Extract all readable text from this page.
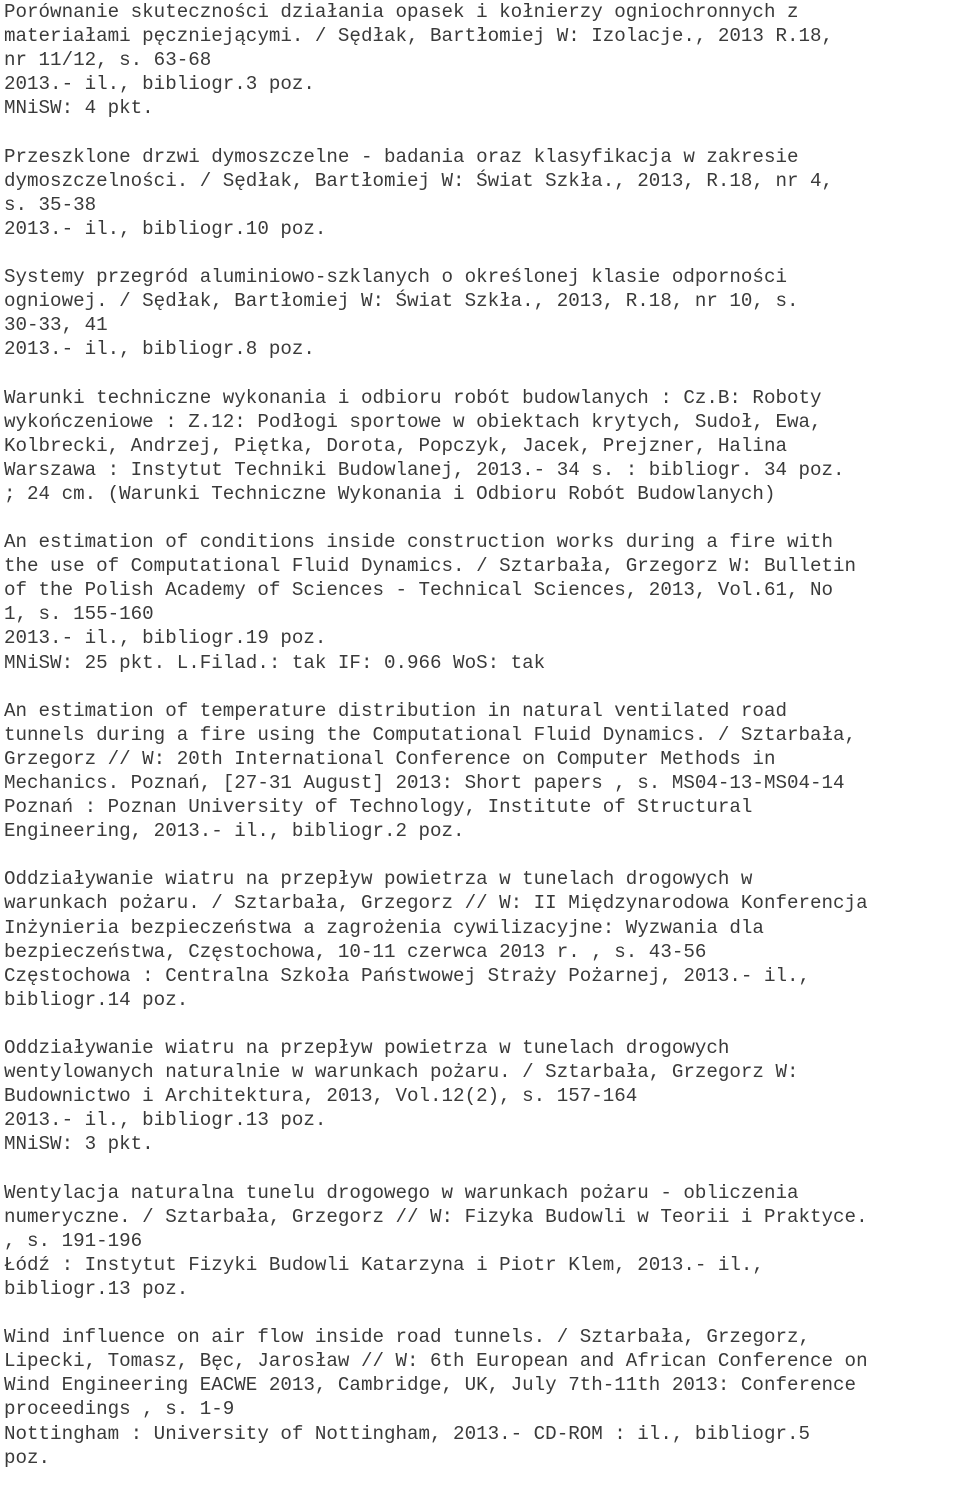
Porównanie skuteczności działania opasek i kołnierzy ogniochronnych z
materiałami pęczniejącymi. / Sędłak, Bartłomiej W: Izolacje., 2013 R.18,
nr 11/12, s. 63-68
2013.- il., bibliogr.3 poz.
MNiSW: 4 pkt.
Przeszklone drzwi dymoszczelne - badania oraz klasyfikacja w zakresie
dymoszczelności. / Sędłak, Bartłomiej W: Świat Szkła., 2013, R.18, nr 4,
s. 35-38
2013.- il., bibliogr.10 poz.
Systemy przegród aluminiowo-szklanych o określonej klasie odporności
ogniowej. / Sędłak, Bartłomiej W: Świat Szkła., 2013, R.18, nr 10, s.
30-33, 41
2013.- il., bibliogr.8 poz.
Warunki techniczne wykonania i odbioru robót budowlanych : Cz.B: Roboty
wykończeniowe : Z.12: Podłogi sportowe w obiektach krytych, Sudoł, Ewa,
Kolbrecki, Andrzej, Piętka, Dorota, Popczyk, Jacek, Prejzner, Halina
Warszawa : Instytut Techniki Budowlanej, 2013.- 34 s. : bibliogr. 34 poz.
; 24 cm. (Warunki Techniczne Wykonania i Odbioru Robót Budowlanych)
An estimation of conditions inside construction works during a fire with
the use of Computational Fluid Dynamics. / Sztarbała, Grzegorz W: Bulletin
of the Polish Academy of Sciences - Technical Sciences, 2013, Vol.61, No
1, s. 155-160
2013.- il., bibliogr.19 poz.
MNiSW: 25 pkt. L.Filad.: tak IF: 0.966 WoS: tak
An estimation of temperature distribution in natural ventilated road
tunnels during a fire using the Computational Fluid Dynamics. / Sztarbała,
Grzegorz // W: 20th International Conference on Computer Methods in
Mechanics. Poznań, [27-31 August] 2013: Short papers , s. MS04-13-MS04-14
Poznań : Poznan University of Technology, Institute of Structural
Engineering, 2013.- il., bibliogr.2 poz.
Oddziaływanie wiatru na przepływ powietrza w tunelach drogowych w
warunkach pożaru. / Sztarbała, Grzegorz // W: II Międzynarodowa Konferencja
Inżynieria bezpieczeństwa a zagrożenia cywilizacyjne: Wyzwania dla
bezpieczeństwa, Częstochowa, 10-11 czerwca 2013 r. , s. 43-56
Częstochowa : Centralna Szkoła Państwowej Straży Pożarnej, 2013.- il.,
bibliogr.14 poz.
Oddziaływanie wiatru na przepływ powietrza w tunelach drogowych
wentylowanych naturalnie w warunkach pożaru. / Sztarbała, Grzegorz W:
Budownictwo i Architektura, 2013, Vol.12(2), s. 157-164
2013.- il., bibliogr.13 poz.
MNiSW: 3 pkt.
Wentylacja naturalna tunelu drogowego w warunkach pożaru - obliczenia
numeryczne. / Sztarbała, Grzegorz // W: Fizyka Budowli w Teorii i Praktyce.
, s. 191-196
Łódź : Instytut Fizyki Budowli Katarzyna i Piotr Klem, 2013.- il.,
bibliogr.13 poz.
Wind influence on air flow inside road tunnels. / Sztarbała, Grzegorz,
Lipecki, Tomasz, Bęc, Jarosław // W: 6th European and African Conference on
Wind Engineering EACWE 2013, Cambridge, UK, July 7th-11th 2013: Conference
proceedings , s. 1-9
Nottingham : University of Nottingham, 2013.- CD-ROM : il., bibliogr.5
poz.
